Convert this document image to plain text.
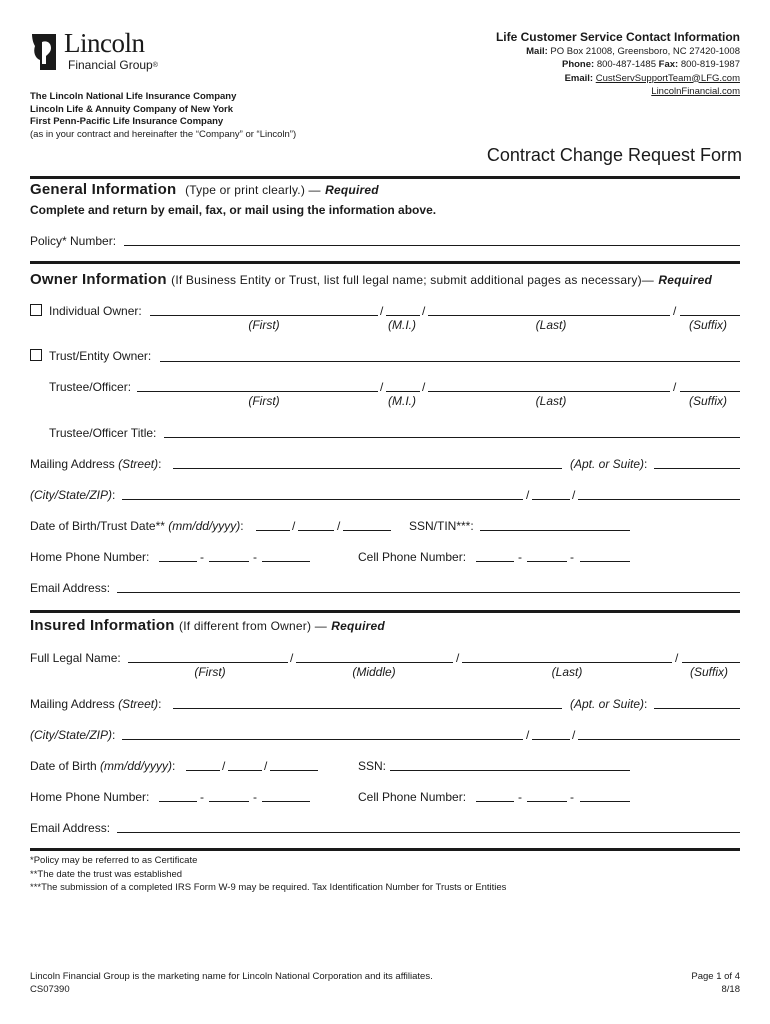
Lincoln
Financial Group®
The Lincoln National Life Insurance Company
Lincoln Life & Annuity Company of New York
First Penn-Pacific Life Insurance Company
(as in your contract and hereinafter the “Company” or “Lincoln”)
Life Customer Service Contact Information
Mail: PO Box 21008, Greensboro, NC 27420-1008
Phone: 800-487-1485 Fax: 800-819-1987
Email: CustServSupportTeam@LFG.com
LincolnFinancial.com
Contract Change Request Form
General Information (Type or print clearly.) — Required
Complete and return by email, fax, or mail using the information above.
Policy* Number:
Owner Information (If Business Entity or Trust, list full legal name; submit additional pages as necessary)— Required
Individual Owner:	/	/	/
(First)	(M.I.)	(Last)	(Suffix)
Trust/Entity Owner:
Trustee/Officer:	/	/	/
(First)	(M.I.)	(Last)	(Suffix)
Trustee/Officer Title:
Mailing Address (Street):	(Apt. or Suite):
(City/State/ZIP):	/	/
Date of Birth/Trust Date** (mm/dd/yyyy):	/	/	SSN/TIN***:
Home Phone Number:	-	-	Cell Phone Number:	-	-
Email Address:
Insured Information (If different from Owner) — Required
Full Legal Name:	/	/	/
(First)	(Middle)	(Last)	(Suffix)
Mailing Address (Street):	(Apt. or Suite):
(City/State/ZIP):	/	/
Date of Birth (mm/dd/yyyy):	/	/	SSN:
Home Phone Number:	-	-	Cell Phone Number:	-	-
Email Address:
*Policy may be referred to as Certificate
**The date the trust was established
***The submission of a completed IRS Form W-9 may be required. Tax Identification Number for Trusts or Entities
Lincoln Financial Group is the marketing name for Lincoln National Corporation and its affiliates.
CS07390
Page 1 of 4
8/18
